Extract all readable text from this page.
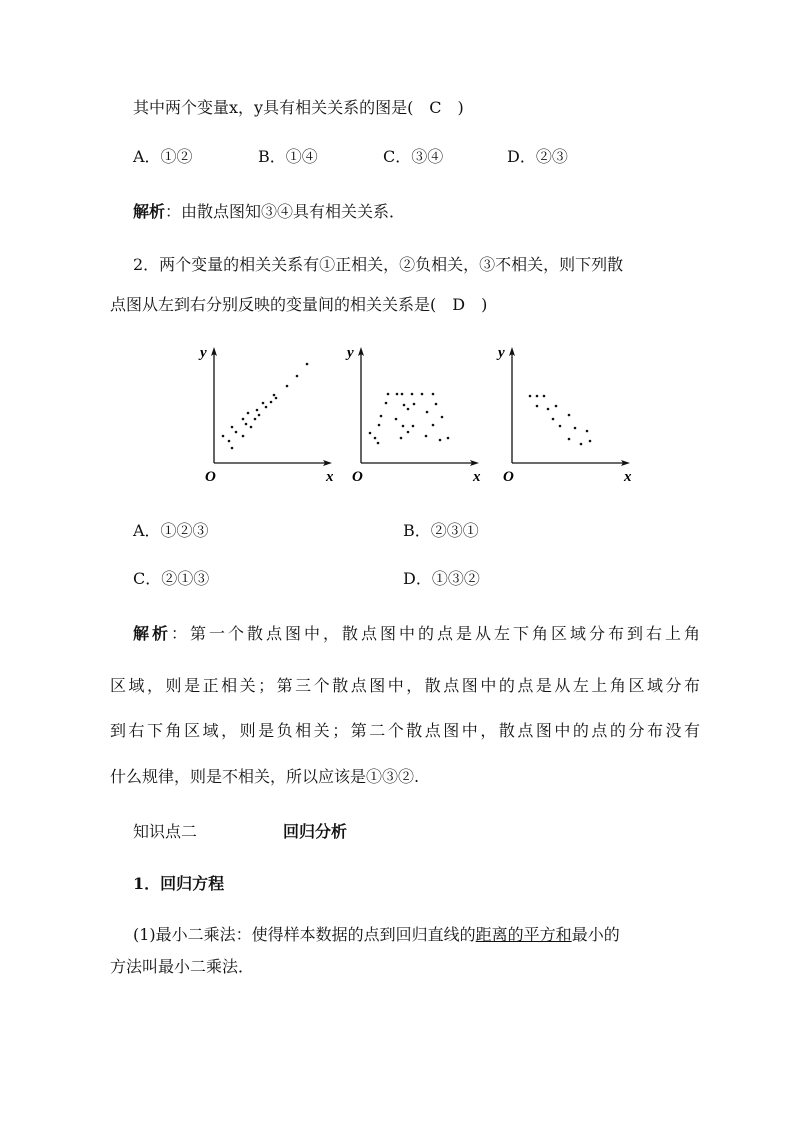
其中两个变量x，y具有相关关系的图是(　C　)
A．①②	B．①④	C．③④	D．②③
解析：由散点图知③④具有相关关系．
2．两个变量的相关关系有①正相关，②负相关，③不相关，则下列散
点图从左到右分别反映的变量间的相关关系是(　D　)
x
y
O	x
y
O	x
y
O
A．①②③	B．②③①
C．②①③	D．①③②
解析：第一个散点图中，散点图中的点是从左下角区域分布到右上角
区域，则是正相关；第三个散点图中，散点图中的点是从左上角区域分布
到右下角区域，则是负相关；第二个散点图中，散点图中的点的分布没有
什么规律，则是不相关，所以应该是①③②.
知识点二	回归分析
1．回归方程
(1)最小二乘法：使得样本数据的点到回归直线的距离的平方和最小的
方法叫最小二乘法．
